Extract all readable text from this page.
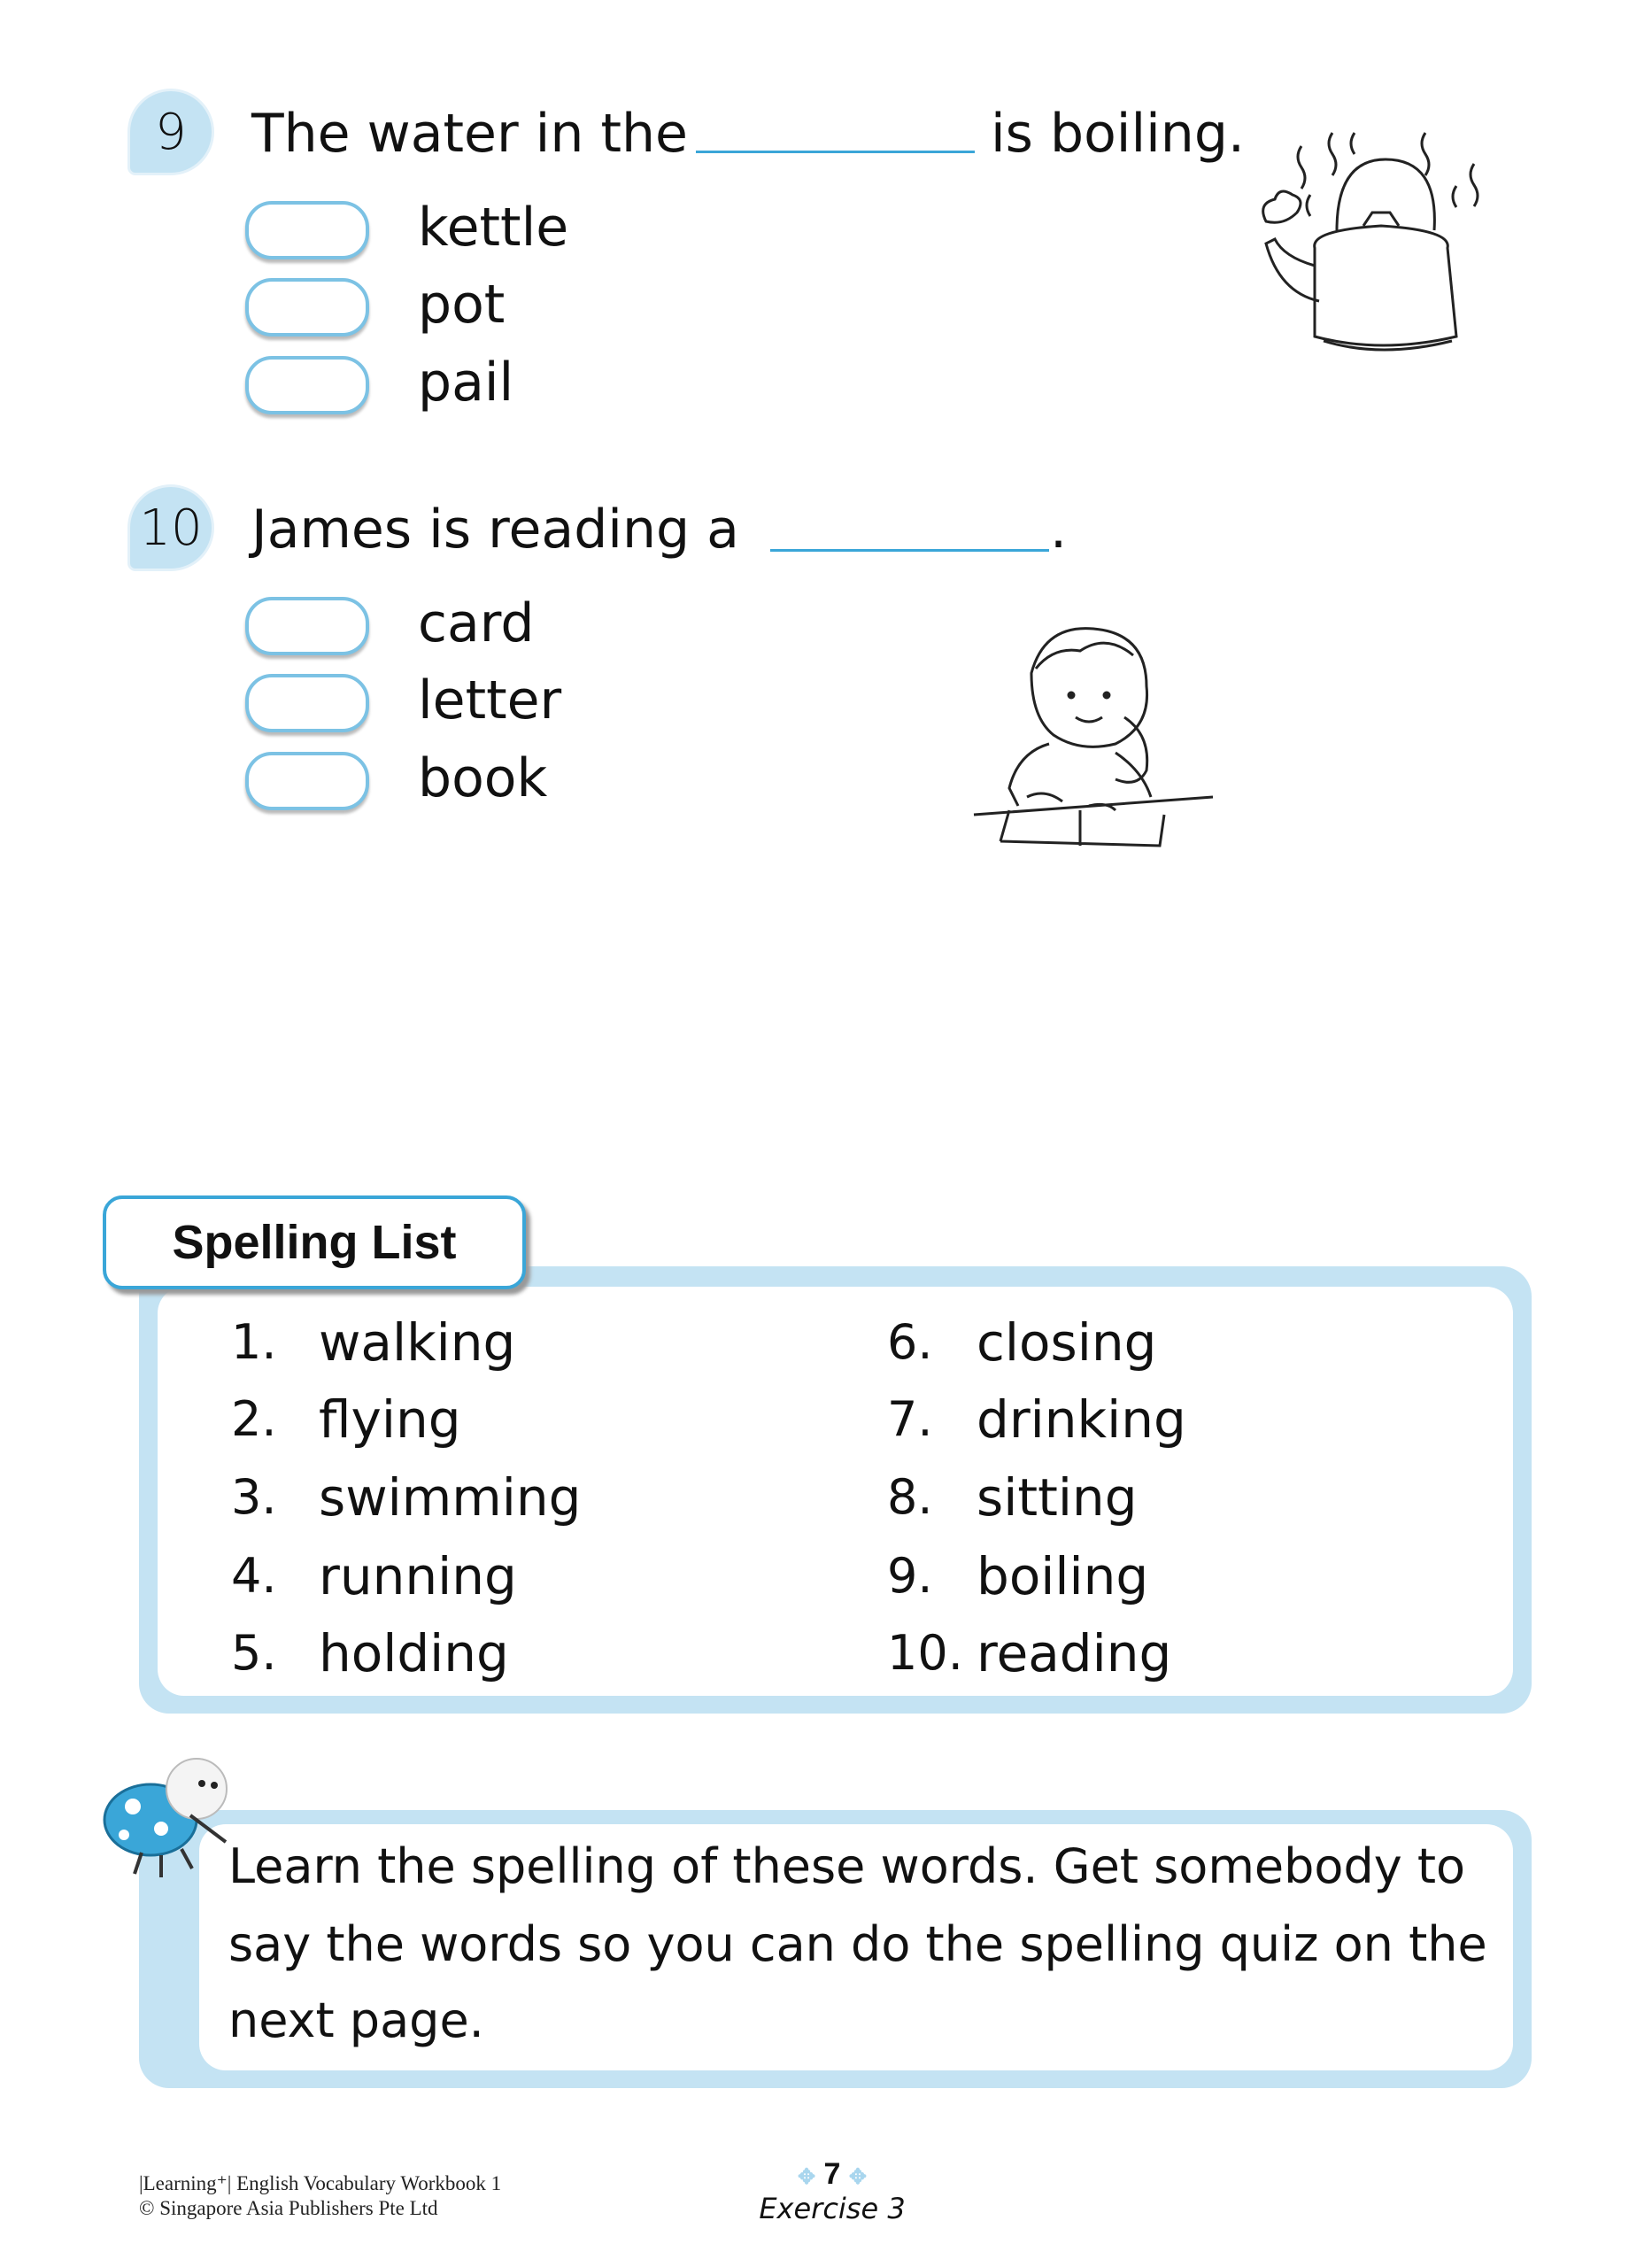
9 The water in the	is boiling.
kettle
pot
pail
10 James is reading a	.
card
letter
book
Spelling List
1. walking
2. flying
3. swimming
4. running
5. holding
6. closing
7. drinking
8. sitting
9. boiling
10. reading
Learn the spelling of these words. Get somebody to
say the words so you can do the spelling quiz on the
next page.
|Learning⁺| English Vocabulary Workbook 1
© Singapore Asia Publishers Pte Ltd
✥ 7 ✥
Exercise 3
